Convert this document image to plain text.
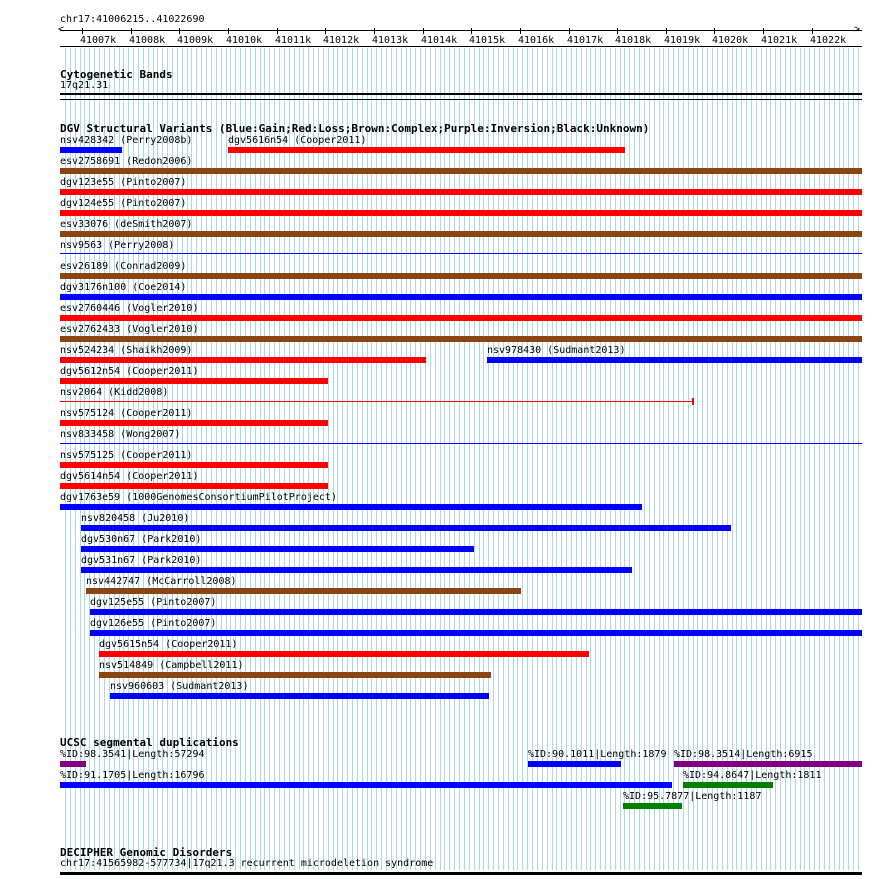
chr17:41006215..41022690
<	>
41007k 41008k 41009k 41010k 41011k 41012k 41013k 41014k 41015k 41016k 41017k 41018k 41019k 41020k 41021k 41022k
Cytogenetic Bands
17q21.31
DGV Structural Variants (Blue:Gain;Red:Loss;Brown:Complex;Purple:Inversion;Black:Unknown)
nsv428342 (Perry2008b)	dgv5616n54 (Cooper2011)
esv2758691 (Redon2006)
dgv123e55 (Pinto2007)
dgv124e55 (Pinto2007)
esv33076 (deSmith2007)
nsv9563 (Perry2008)
esv26189 (Conrad2009)
dgv3176n100 (Coe2014)
esv2760446 (Vogler2010)
esv2762433 (Vogler2010)
nsv524234 (Shaikh2009)	nsv978430 (Sudmant2013)
dgv5612n54 (Cooper2011)
nsv2064 (Kidd2008)
nsv575124 (Cooper2011)
nsv833458 (Wong2007)
nsv575125 (Cooper2011)
dgv5614n54 (Cooper2011)
dgv1763e59 (1000GenomesConsortiumPilotProject)
nsv820458 (Ju2010)
dgv530n67 (Park2010)
dgv531n67 (Park2010)
nsv442747 (McCarroll2008)
dgv125e55 (Pinto2007)
dgv126e55 (Pinto2007)
dgv5615n54 (Cooper2011)
nsv514849 (Campbell2011)
nsv960603 (Sudmant2013)
UCSC segmental duplications
%ID:98.3541|Length:57294	%ID:90.1011|Length:1879 %ID:98.3514|Length:6915
%ID:91.1705|Length:16796	%ID:94.8647|Length:1811
%ID:95.7877|Length:1187
DECIPHER Genomic Disorders
chr17:41565982-577734|17q21.3 recurrent microdeletion syndrome
